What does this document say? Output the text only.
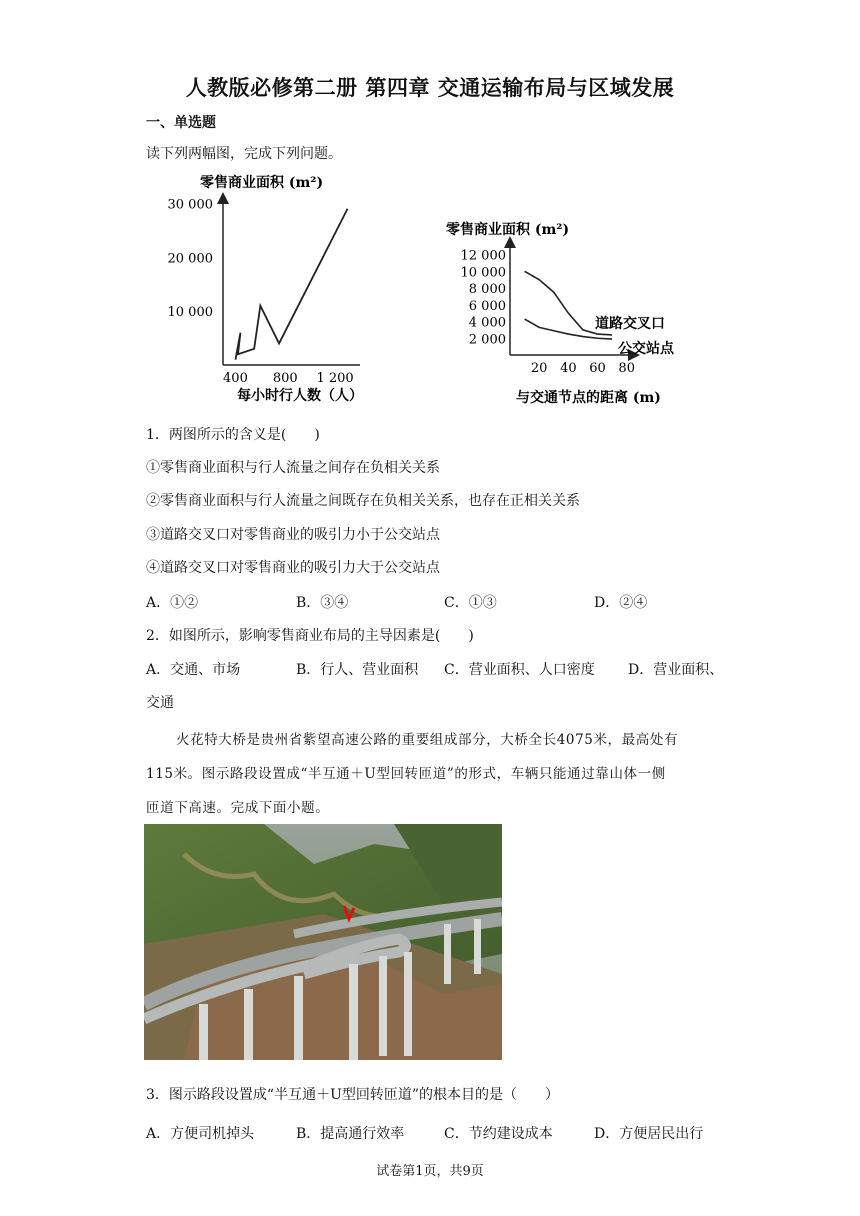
人教版必修第二册 第四章 交通运输布局与区域发展
一、单选题
读下列两幅图，完成下列问题。
零售商业面积 (m²)
10 000
20 000
30 000
400 800 1 200
每小时行人数（人）
零售商业面积 (m²)
2 000
4 000
6 000
8 000
10 000
12 000
20 40 60 80
道路交叉口
公交站点
与交通节点的距离 (m)
1．两图所示的含义是(　　)
①零售商业面积与行人流量之间存在负相关关系
②零售商业面积与行人流量之间既存在负相关关系，也存在正相关关系
③道路交叉口对零售商业的吸引力小于公交站点
④道路交叉口对零售商业的吸引力大于公交站点
A．①②	B．③④	C．①③	D．②④
2．如图所示，影响零售商业布局的主导因素是(　　)
A．交通、市场	B．行人、营业面积 C．营业面积、人口密度 D．营业面积、
交通
火花特大桥是贵州省紫望高速公路的重要组成部分，大桥全长4075米，最高处有
115米。图示路段设置成“半互通＋U型回转匝道”的形式，车辆只能通过靠山体一侧
匝道下高速。完成下面小题。
3．图示路段设置成“半互通＋U型回转匝道”的根本目的是（　　）
A．方便司机掉头	B．提高通行效率	C．节约建设成本	D．方便居民出行
试卷第1页，共9页
